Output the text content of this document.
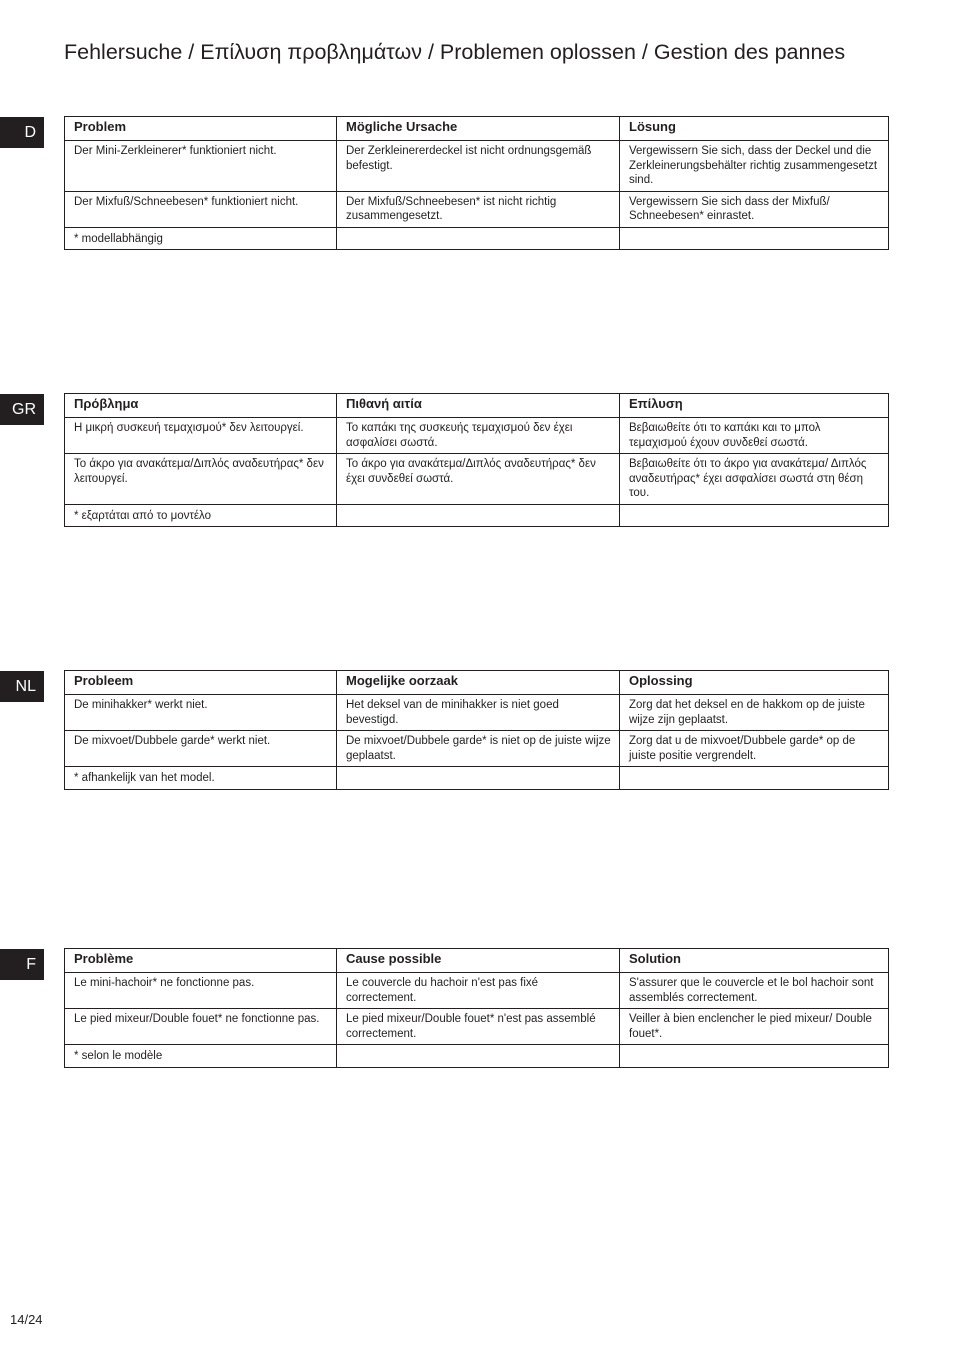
Fehlersuche / Επίλυση προβλημάτων / Problemen oplossen / Gestion des pannes
D	Problem	Mögliche Ursache	Lösung
Der Mini-Zerkleinerer* funktioniert nicht.	Der Zerkleinererdeckel ist nicht ordnungsgemäß befestigt.	Vergewissern Sie sich, dass der Deckel und die Zerkleinerungsbehälter richtig zusammengesetzt sind.
Der Mixfuß/Schneebesen* funktioniert nicht.	Der Mixfuß/Schneebesen* ist nicht richtig zusammengesetzt.	Vergewissern Sie sich dass der Mixfuß/ Schneebesen* einrastet.
* modellabhängig		
GR	Πρόβλημα	Πιθανή αιτία	Επίλυση
Η μικρή συσκευή τεμαχισμού* δεν λειτουργεί.	Το καπάκι της συσκευής τεμαχισμού δεν έχει ασφαλίσει σωστά.	Βεβαιωθείτε ότι το καπάκι και το μπολ τεμαχισμού έχουν συνδεθεί σωστά.
Το άκρο για ανακάτεμα/Διπλός αναδευτήρας* δεν λειτουργεί.	Το άκρο για ανακάτεμα/Διπλός αναδευτήρας* δεν έχει συνδεθεί σωστά.	Βεβαιωθείτε ότι το άκρο για ανακάτεμα/ Διπλός αναδευτήρας* έχει ασφαλίσει σωστά στη θέση του.
* εξαρτάται από το μοντέλο		
NL	Probleem	Mogelijke oorzaak	Oplossing
De minihakker* werkt niet.	Het deksel van de minihakker is niet goed bevestigd.	Zorg dat het deksel en de hakkom op de juiste wijze zijn geplaatst.
De mixvoet/Dubbele garde* werkt niet.	De mixvoet/Dubbele garde* is niet op de juiste wijze geplaatst.	Zorg dat u de mixvoet/Dubbele garde* op de juiste positie vergrendelt.
* afhankelijk van het model.		
F	Problème	Cause possible	Solution
Le mini-hachoir* ne fonctionne pas.	Le couvercle du hachoir n'est pas fixé correctement.	S'assurer que le couvercle et le bol hachoir sont assemblés correctement.
Le pied mixeur/Double fouet* ne fonctionne pas.	Le pied mixeur/Double fouet* n'est pas assemblé correctement.	Veiller à bien enclencher le pied mixeur/ Double fouet*.
* selon le modèle		
14/24
